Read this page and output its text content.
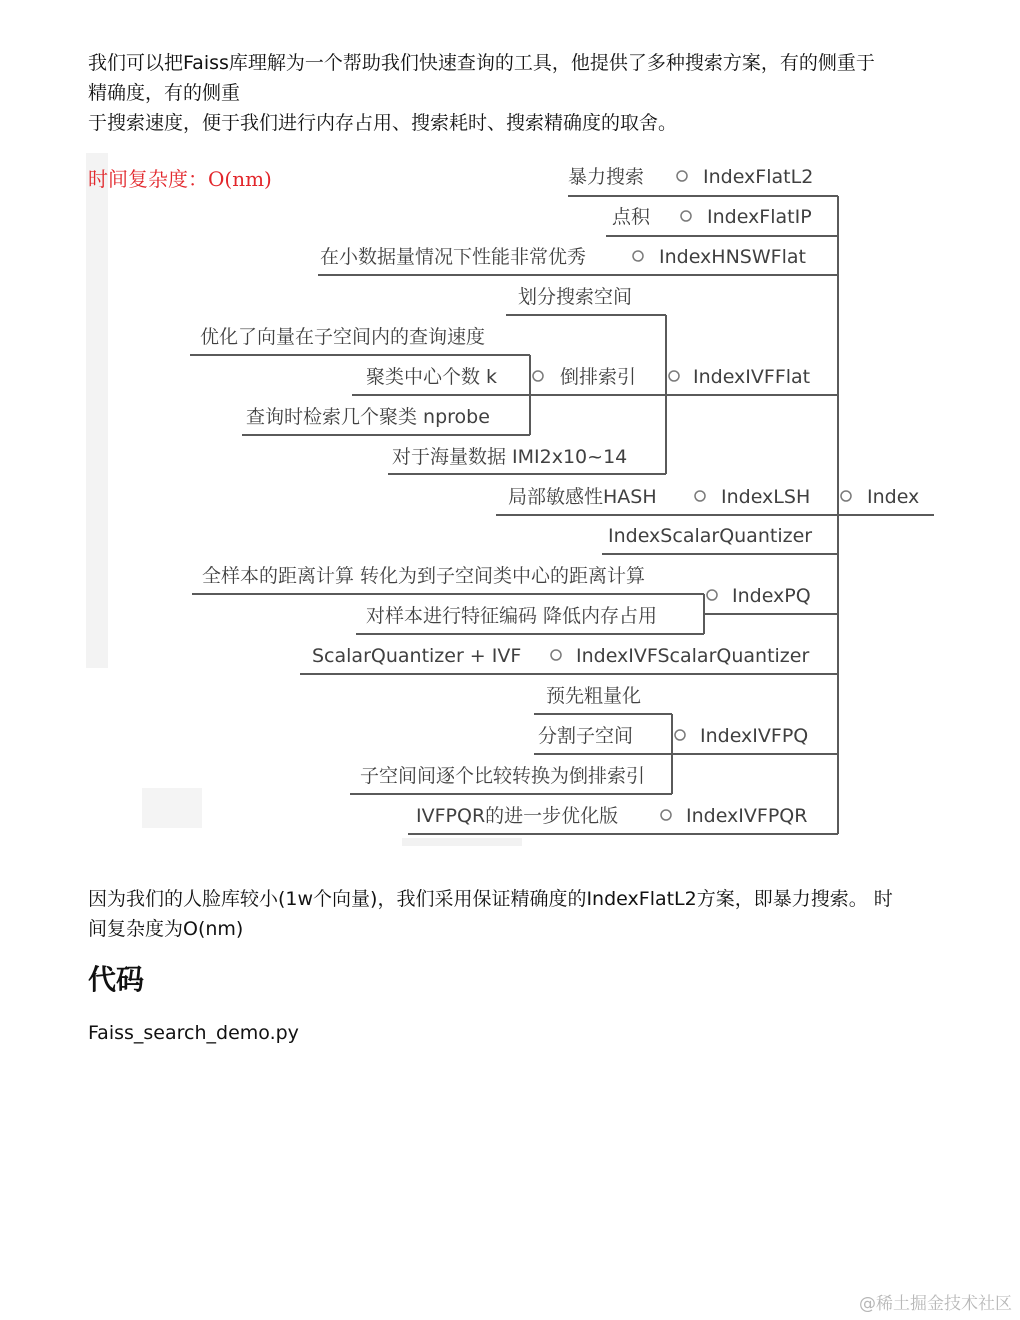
我们可以把Faiss库理解为一个帮助我们快速查询的工具，他提供了多种搜索方案，有的侧重于
精确度，有的侧重
于搜索速度，便于我们进行内存占用、搜索耗时、搜索精确度的取舍。

时间复杂度：O(nm)
Index
暴力搜索	IndexFlatL2
点积	IndexFlatIP
在小数据量情况下性能非常优秀	IndexHNSWFlat
IndexIVFFlat
划分搜索空间
倒排索引
对于海量数据 IMI2x10~14
优化了向量在子空间内的查询速度
聚类中心个数 k
查询时检索几个聚类 nprobe
局部敏感性HASH	IndexLSH
IndexScalarQuantizer
IndexPQ
全样本的距离计算 转化为到子空间类中心的距离计算
对样本进行特征编码 降低内存占用
ScalarQuantizer + IVF	IndexIVFScalarQuantizer
IndexIVFPQ
预先粗量化
分割子空间
子空间间逐个比较转换为倒排索引
IVFPQR的进一步优化版	IndexIVFPQR

因为我们的人脸库较小(1w个向量)，我们采用保证精确度的IndexFlatL2方案，即暴力搜索。 时
间复杂度为O(nm)

代码

Faiss_search_demo.py

@稀土掘金技术社区
